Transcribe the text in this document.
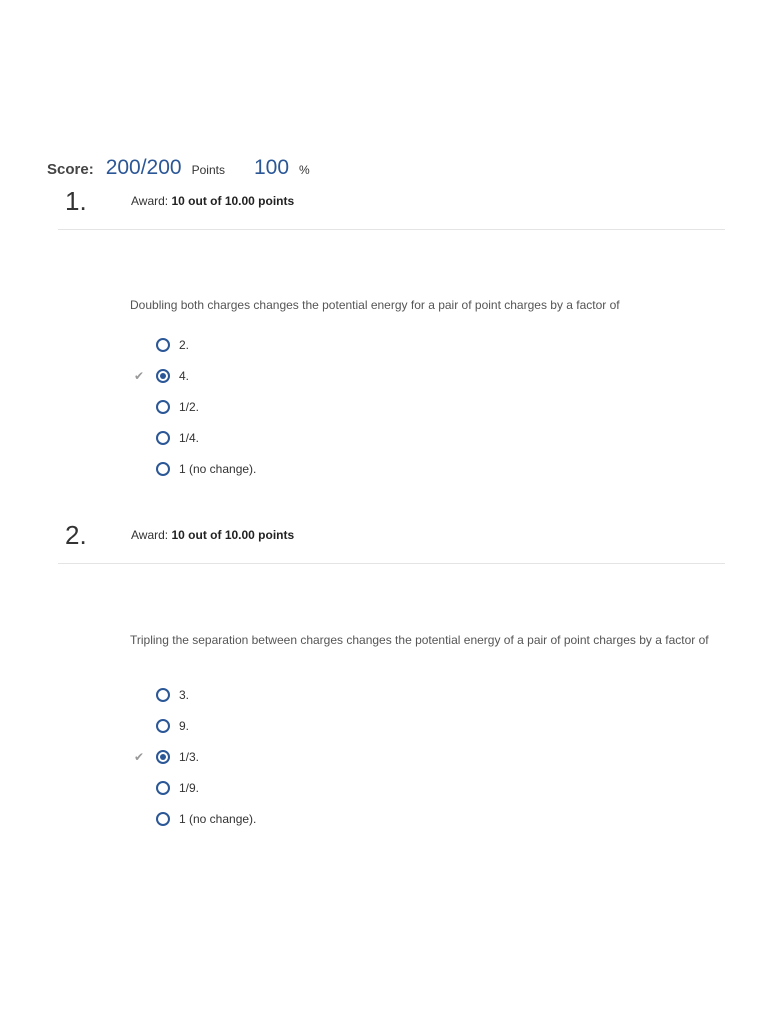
Score: 200/200 Points 100 %
1.	Award: 10 out of 10.00 points
Doubling both charges changes the potential energy for a pair of point charges by a factor of
2.
✔	4.
1/2.
1/4.
1 (no change).
2.	Award: 10 out of 10.00 points
Tripling the separation between charges changes the potential energy of a pair of point charges by a factor of
3.
9.
✔	1/3.
1/9.
1 (no change).
